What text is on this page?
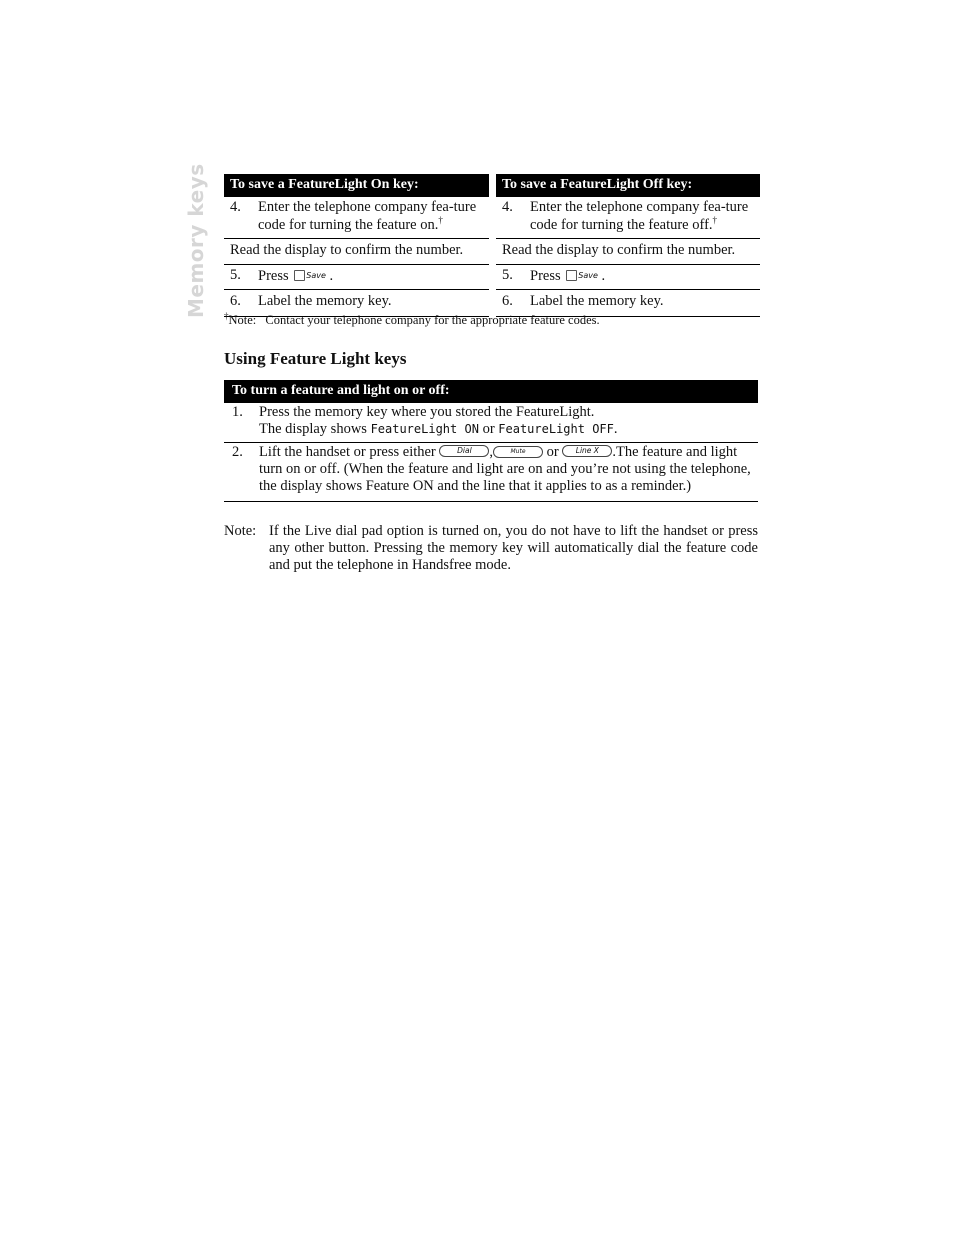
Memory keys	To save a FeatureLight On key:
4.	Enter the telephone company fea-ture code for turning the feature on.†
Read the display to confirm the number.
5.	Press Save .
6.	Label the memory key.
To save a FeatureLight Off key:
4.	Enter the telephone company fea-ture code for turning the feature off.†
Read the display to confirm the number.
5.	Press Save .
6.	Label the memory key.
†Note: Contact your telephone company for the appropriate feature codes.
Using Feature Light keys
To turn a feature and light on or off:
1.	Press the memory key where you stored the FeatureLight.
The display shows FeatureLight ON or FeatureLight OFF.
2.	Lift the handset or press either	Dial ,	Mute or Line X .The feature and light turn on or off. (When the feature and light are on and you’re not using the telephone, the display shows Feature ON and the line that it applies to as a reminder.)
Note: If the Live dial pad option is turned on, you do not have to lift the handset or press any other button. Pressing the memory key will automatically dial the feature code and put the telephone in Handsfree mode.
